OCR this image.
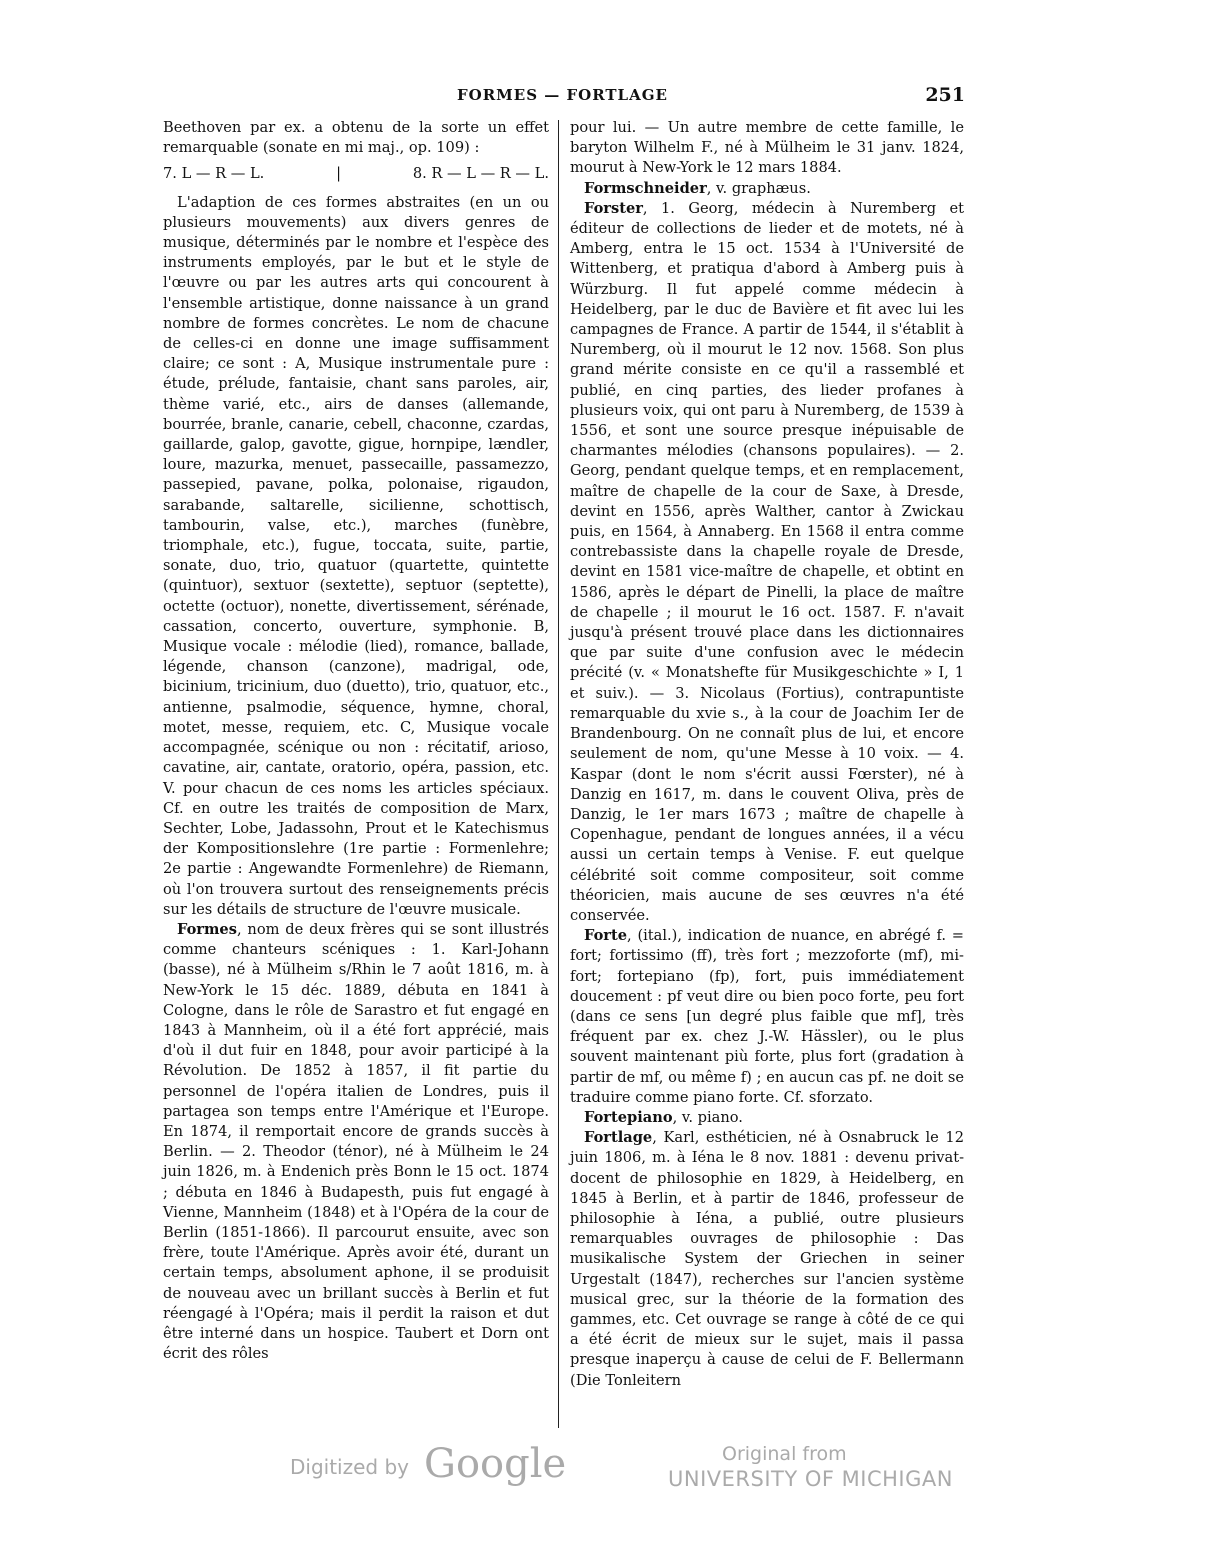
FORMES — FORTLAGE	251

Beethoven par ex. a obtenu de la sorte un effet remarquable (sonate en mi maj., op. 109) :

7. L — R — L.	|	8. R — L — R — L.

L'adaption de ces formes abstraites (en un ou plusieurs mouvements) aux divers genres de musique, déterminés par le nombre et l'espèce des instruments employés, par le but et le style de l'œuvre ou par les autres arts qui concourent à l'ensemble artistique, donne naissance à un grand nombre de formes concrètes. Le nom de chacune de celles-ci en donne une image suffisamment claire; ce sont : A, Musique instrumentale pure : étude, prélude, fantaisie, chant sans paroles, air, thème varié, etc., airs de danses (allemande, bourrée, branle, canarie, cebell, chaconne, czardas, gaillarde, galop, gavotte, gigue, hornpipe, lændler, loure, mazurka, menuet, passecaille, passamezzo, passepied, pavane, polka, polonaise, rigaudon, sarabande, saltarelle, sicilienne, schottisch, tambourin, valse, etc.), marches (funèbre, triomphale, etc.), fugue, toccata, suite, partie, sonate, duo, trio, quatuor (quartette, quintette (quintuor), sextuor (sextette), septuor (septette), octette (octuor), nonette, divertissement, sérénade, cassation, concerto, ouverture, symphonie. B, Musique vocale : mélodie (lied), romance, ballade, légende, chanson (canzone), madrigal, ode, bicinium, tricinium, duo (duetto), trio, quatuor, etc., antienne, psalmodie, séquence, hymne, choral, motet, messe, requiem, etc. C, Musique vocale accompagnée, scénique ou non : récitatif, arioso, cavatine, air, cantate, oratorio, opéra, passion, etc. V. pour chacun de ces noms les articles spéciaux. Cf. en outre les traités de composition de Marx, Sechter, Lobe, Jadassohn, Prout et le Katechismus der Kompositionslehre (1re partie : Formenlehre; 2e partie : Angewandte Formenlehre) de Riemann, où l'on trouvera surtout des renseignements précis sur les détails de structure de l'œuvre musicale.

Formes, nom de deux frères qui se sont illustrés comme chanteurs scéniques : 1. Karl-Johann (basse), né à Mülheim s/Rhin le 7 août 1816, m. à New-York le 15 déc. 1889, débuta en 1841 à Cologne, dans le rôle de Sarastro et fut engagé en 1843 à Mannheim, où il a été fort apprécié, mais d'où il dut fuir en 1848, pour avoir participé à la Révolution. De 1852 à 1857, il fit partie du personnel de l'opéra italien de Londres, puis il partagea son temps entre l'Amérique et l'Europe. En 1874, il remportait encore de grands succès à Berlin. — 2. Theodor (ténor), né à Mülheim le 24 juin 1826, m. à Endenich près Bonn le 15 oct. 1874 ; débuta en 1846 à Budapesth, puis fut engagé à Vienne, Mannheim (1848) et à l'Opéra de la cour de Berlin (1851-1866). Il parcourut ensuite, avec son frère, toute l'Amérique. Après avoir été, durant un certain temps, absolument aphone, il se produisit de nouveau avec un brillant succès à Berlin et fut réengagé à l'Opéra; mais il perdit la raison et dut être interné dans un hospice. Taubert et Dorn ont écrit des rôles

pour lui. — Un autre membre de cette famille, le baryton Wilhelm F., né à Mülheim le 31 janv. 1824, mourut à New-York le 12 mars 1884.

Formschneider, v. graphæus.

Forster, 1. Georg, médecin à Nuremberg et éditeur de collections de lieder et de motets, né à Amberg, entra le 15 oct. 1534 à l'Université de Wittenberg, et pratiqua d'abord à Amberg puis à Würzburg. Il fut appelé comme médecin à Heidelberg, par le duc de Bavière et fit avec lui les campagnes de France. A partir de 1544, il s'établit à Nuremberg, où il mourut le 12 nov. 1568. Son plus grand mérite consiste en ce qu'il a rassemblé et publié, en cinq parties, des lieder profanes à plusieurs voix, qui ont paru à Nuremberg, de 1539 à 1556, et sont une source presque inépuisable de charmantes mélodies (chansons populaires). — 2. Georg, pendant quelque temps, et en remplacement, maître de chapelle de la cour de Saxe, à Dresde, devint en 1556, après Walther, cantor à Zwickau puis, en 1564, à Annaberg. En 1568 il entra comme contrebassiste dans la chapelle royale de Dresde, devint en 1581 vice-maître de chapelle, et obtint en 1586, après le départ de Pinelli, la place de maître de chapelle ; il mourut le 16 oct. 1587. F. n'avait jusqu'à présent trouvé place dans les dictionnaires que par suite d'une confusion avec le médecin précité (v. « Monatshefte für Musikgeschichte » I, 1 et suiv.). — 3. Nicolaus (Fortius), contrapuntiste remarquable du xvie s., à la cour de Joachim Ier de Brandenbourg. On ne connaît plus de lui, et encore seulement de nom, qu'une Messe à 10 voix. — 4. Kaspar (dont le nom s'écrit aussi Fœrster), né à Danzig en 1617, m. dans le couvent Oliva, près de Danzig, le 1er mars 1673 ; maître de chapelle à Copenhague, pendant de longues années, il a vécu aussi un certain temps à Venise. F. eut quelque célébrité soit comme compositeur, soit comme théoricien, mais aucune de ses œuvres n'a été conservée.

Forte, (ital.), indication de nuance, en abrégé f. = fort; fortissimo (ff), très fort ; mezzoforte (mf), mi-fort; fortepiano (fp), fort, puis immédiatement doucement : pf veut dire ou bien poco forte, peu fort (dans ce sens [un degré plus faible que mf], très fréquent par ex. chez J.-W. Hässler), ou le plus souvent maintenant più forte, plus fort (gradation à partir de mf, ou même f) ; en aucun cas pf. ne doit se traduire comme piano forte. Cf. sforzato.

Fortepiano, v. piano.

Fortlage, Karl, esthéticien, né à Osnabruck le 12 juin 1806, m. à Iéna le 8 nov. 1881 : devenu privat-docent de philosophie en 1829, à Heidelberg, en 1845 à Berlin, et à partir de 1846, professeur de philosophie à Iéna, a publié, outre plusieurs remarquables ouvrages de philosophie : Das musikalische System der Griechen in seiner Urgestalt (1847), recherches sur l'ancien système musical grec, sur la théorie de la formation des gammes, etc. Cet ouvrage se range à côté de ce qui a été écrit de mieux sur le sujet, mais il passa presque inaperçu à cause de celui de F. Bellermann (Die Tonleitern

Digitized by Google	Original from
UNIVERSITY OF MICHIGAN
